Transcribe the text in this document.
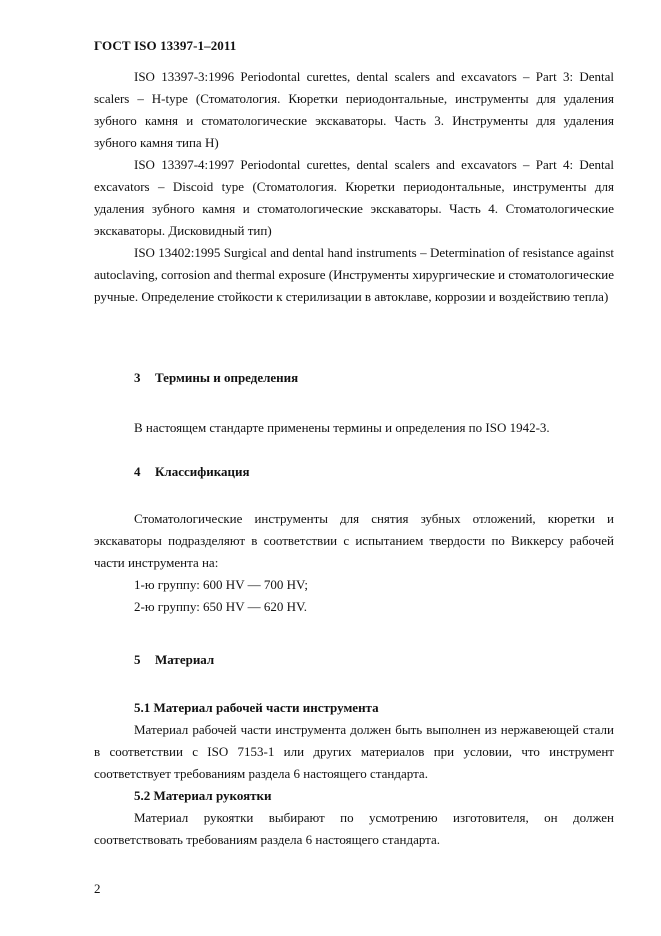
ГОСТ ISO 13397-1–2011

ISO 13397-3:1996 Periodontal curettes, dental scalers and excavators – Part 3: Dental scalers – H-type (Стоматология. Кюретки периодонтальные, инструменты для удаления зубного камня и стоматологические экскаваторы. Часть 3. Инструменты для удаления зубного камня типа H)

ISO 13397-4:1997 Periodontal curettes, dental scalers and excavators – Part 4: Dental excavators – Discoid type (Стоматология. Кюретки периодонтальные, инструменты для удаления зубного камня и стоматологические экскаваторы. Часть 4. Стоматологические экскаваторы. Дисковидный тип)

ISO 13402:1995 Surgical and dental hand instruments – Determination of resistance against autoclaving, corrosion and thermal exposure (Инструменты хирургические и стоматологические ручные. Определение стойкости к стерилизации в автоклаве, коррозии и воздействию тепла)

3 Термины и определения

В настоящем стандарте применены термины и определения по ISO 1942-3.

4 Классификация

Стоматологические инструменты для снятия зубных отложений, кюретки и экскаваторы подразделяют в соответствии с испытанием твердости по Виккерсу рабочей части инструмента на:

1-ю группу: 600 HV — 700 HV;

2-ю группу: 650 HV — 620 HV.

5 Материал

5.1 Материал рабочей части инструмента

Материал рабочей части инструмента должен быть выполнен из нержавеющей стали в соответствии с ISO 7153-1 или других материалов при условии, что инструмент соответствует требованиям раздела 6 настоящего стандарта.

5.2 Материал рукоятки

Материал рукоятки выбирают по усмотрению изготовителя, он должен соответствовать требованиям раздела 6 настоящего стандарта.

2
